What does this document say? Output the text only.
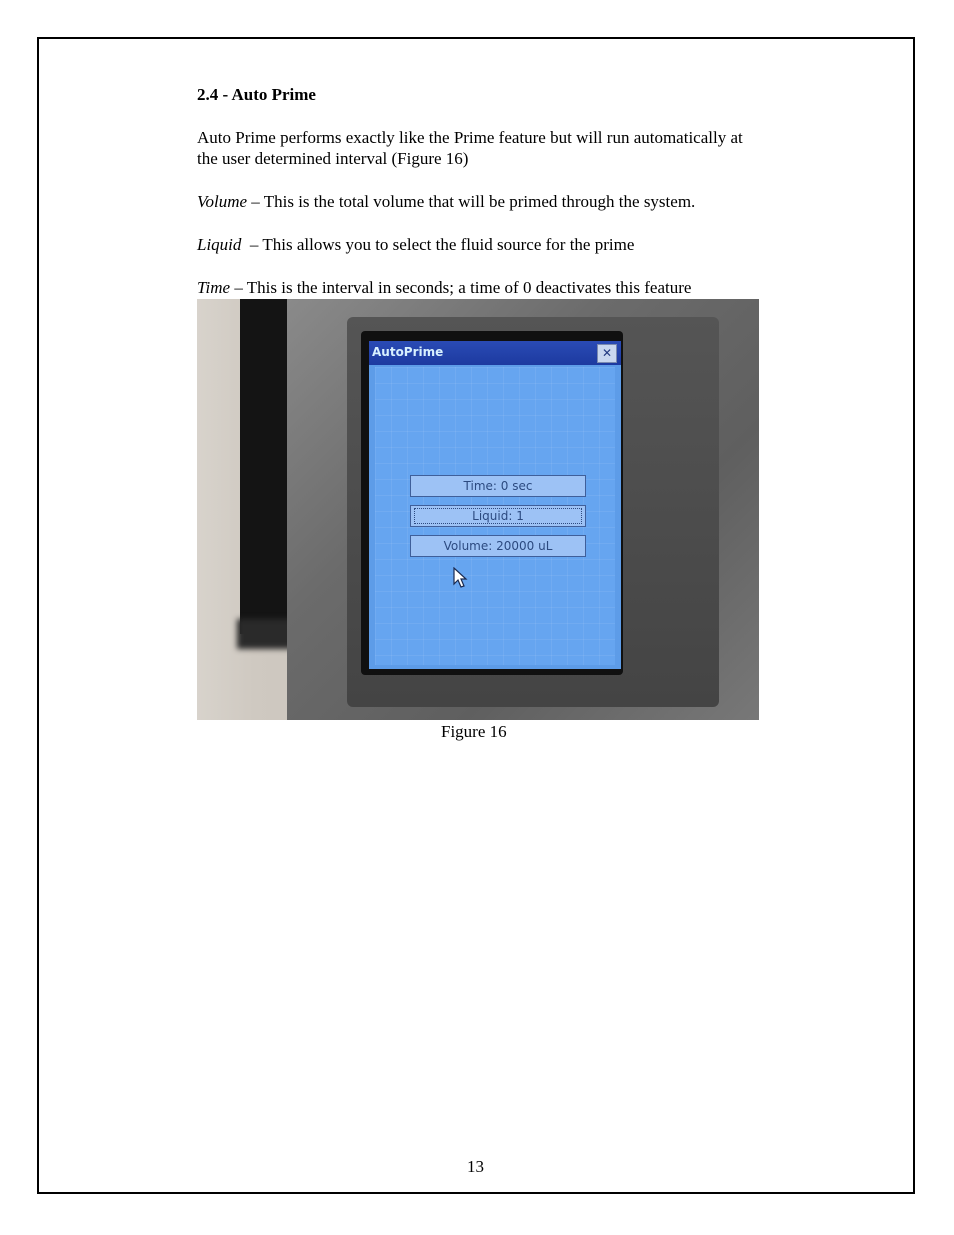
2.4 - Auto Prime
Auto Prime performs exactly like the Prime feature but will run automatically at
the user determined interval (Figure 16)
Volume – This is the total volume that will be primed through the system.
Liquid  – This allows you to select the fluid source for the prime
Time – This is the interval in seconds; a time of 0 deactivates this feature
AutoPrime	✕
Time: 0 sec
Liquid: 1
Volume: 20000 uL
Figure 16
13
